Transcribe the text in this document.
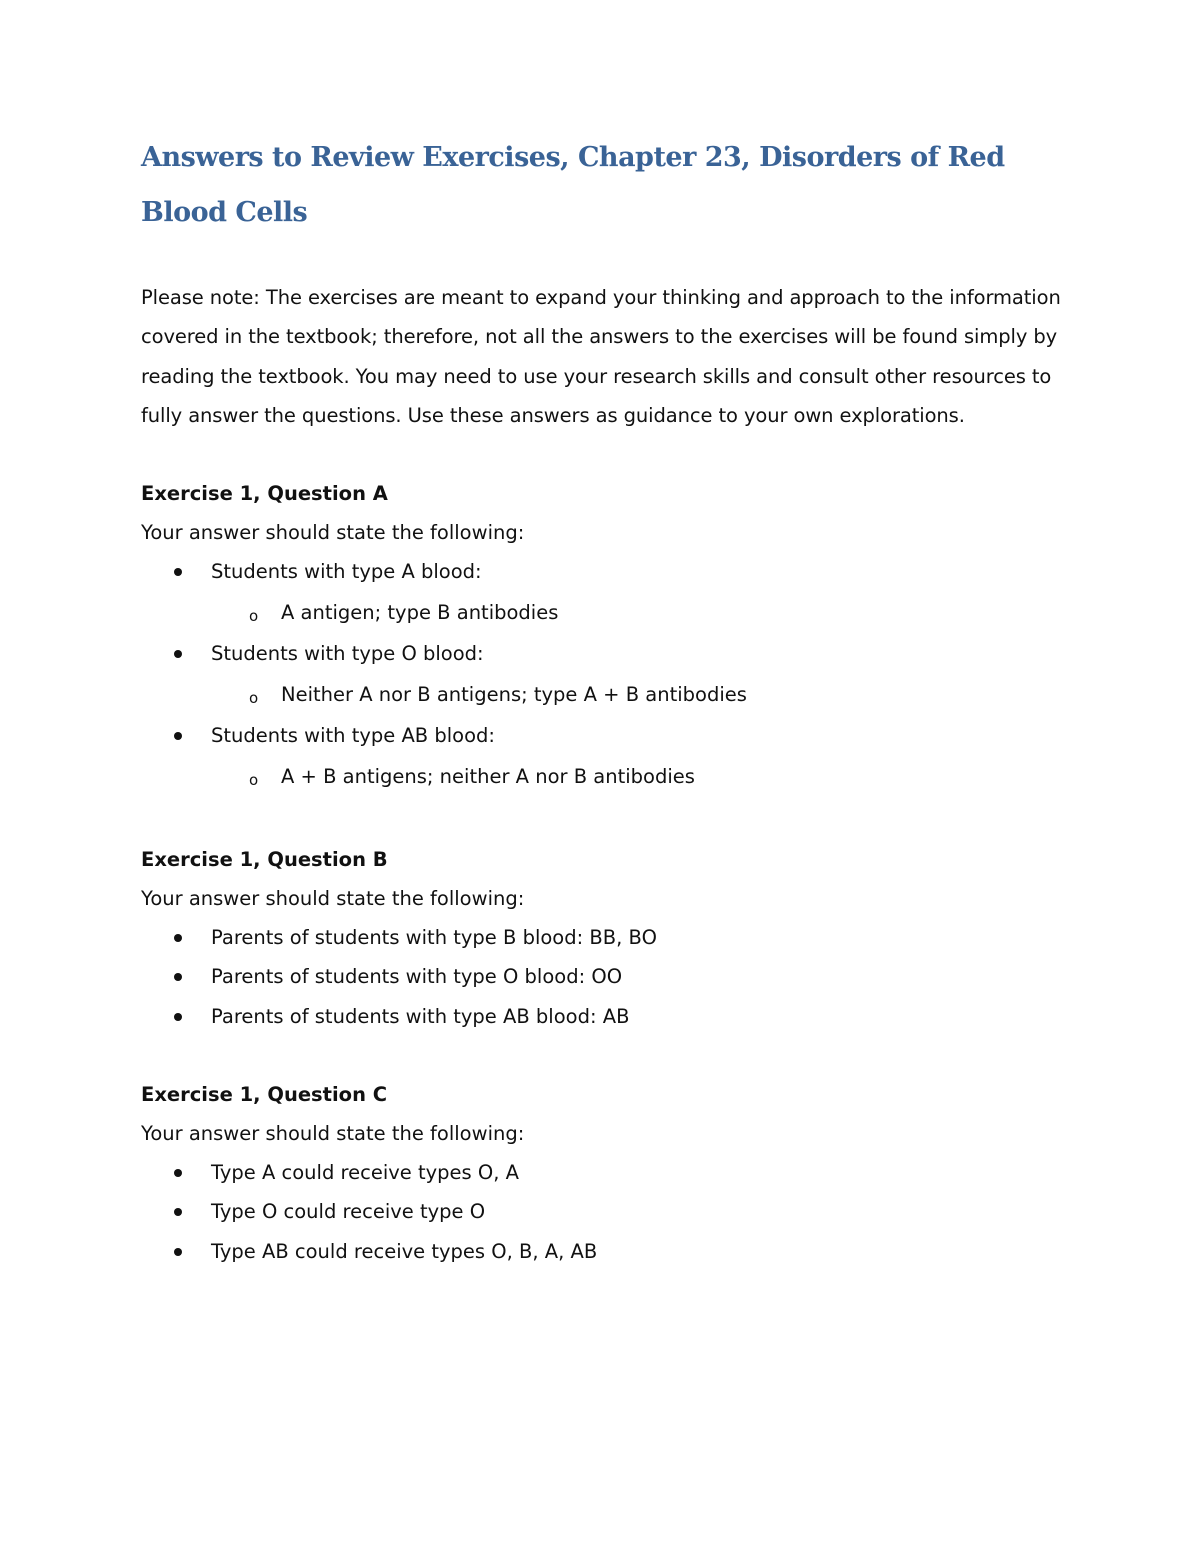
Answers to Review Exercises, Chapter 23, Disorders of Red Blood Cells

Please note: The exercises are meant to expand your thinking and approach to the information covered in the textbook; therefore, not all the answers to the exercises will be found simply by reading the textbook. You may need to use your research skills and consult other resources to fully answer the questions. Use these answers as guidance to your own explorations.

Exercise 1, Question A

Your answer should state the following:

Students with type A blood:
o A antigen; type B antibodies
Students with type O blood:
o Neither A nor B antigens; type A + B antibodies
Students with type AB blood:
o A + B antigens; neither A nor B antibodies

Exercise 1, Question B

Your answer should state the following:

Parents of students with type B blood: BB, BO
Parents of students with type O blood: OO
Parents of students with type AB blood: AB

Exercise 1, Question C

Your answer should state the following:

Type A could receive types O, A
Type O could receive type O
Type AB could receive types O, B, A, AB
